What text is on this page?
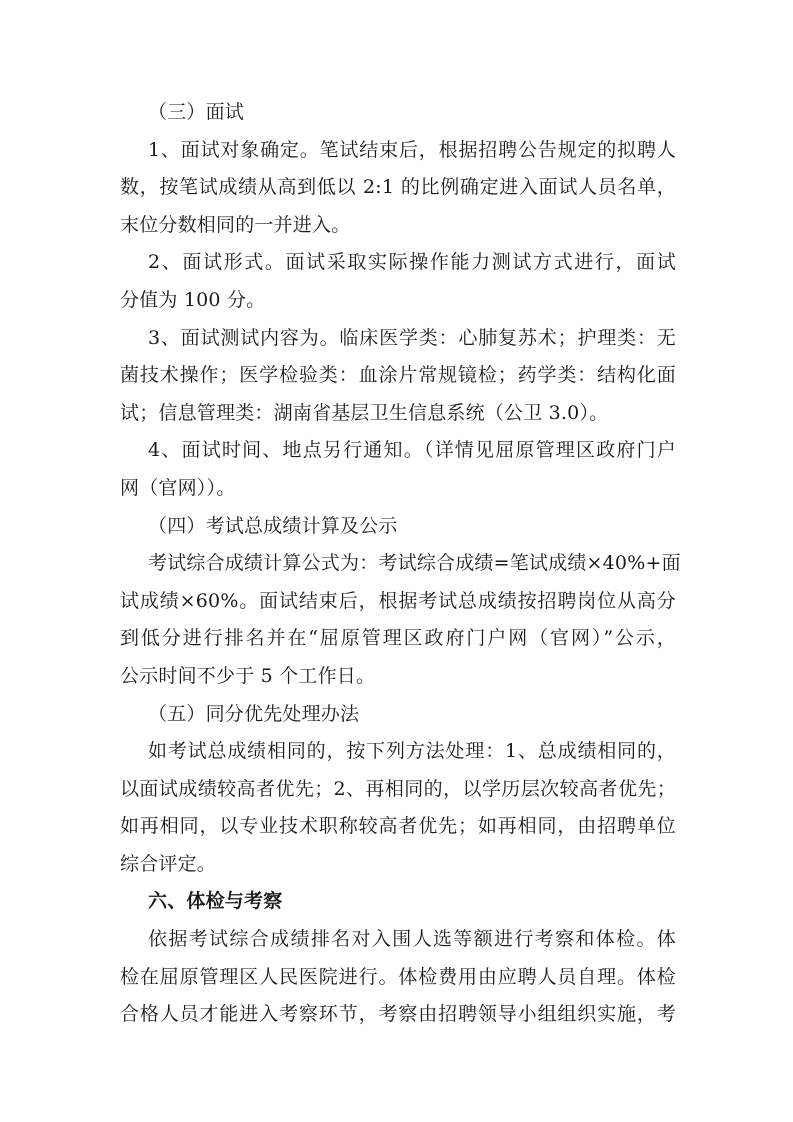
（三）面试
1、面试对象确定。笔试结束后，根据招聘公告规定的拟聘人
数，按笔试成绩从高到低以 2:1 的比例确定进入面试人员名单，
末位分数相同的一并进入。
2、面试形式。面试采取实际操作能力测试方式进行，面试
分值为 100 分。
3、面试测试内容为。临床医学类：心肺复苏术；护理类：无
菌技术操作；医学检验类：血涂片常规镜检；药学类：结构化面
试；信息管理类：湖南省基层卫生信息系统（公卫 3.0）。
4、面试时间、地点另行通知。（详情见屈原管理区政府门户
网（官网））。
（四）考试总成绩计算及公示
考试综合成绩计算公式为：考试综合成绩=笔试成绩×40%+面
试成绩×60%。面试结束后，根据考试总成绩按招聘岗位从高分
到低分进行排名并在“屈原管理区政府门户网（官网）”公示，
公示时间不少于 5 个工作日。
（五）同分优先处理办法
如考试总成绩相同的，按下列方法处理：1、总成绩相同的，
以面试成绩较高者优先；2、再相同的，以学历层次较高者优先；
如再相同，以专业技术职称较高者优先；如再相同，由招聘单位
综合评定。
六、体检与考察
依据考试综合成绩排名对入围人选等额进行考察和体检。体
检在屈原管理区人民医院进行。体检费用由应聘人员自理。体检
合格人员才能进入考察环节，考察由招聘领导小组组织实施，考
